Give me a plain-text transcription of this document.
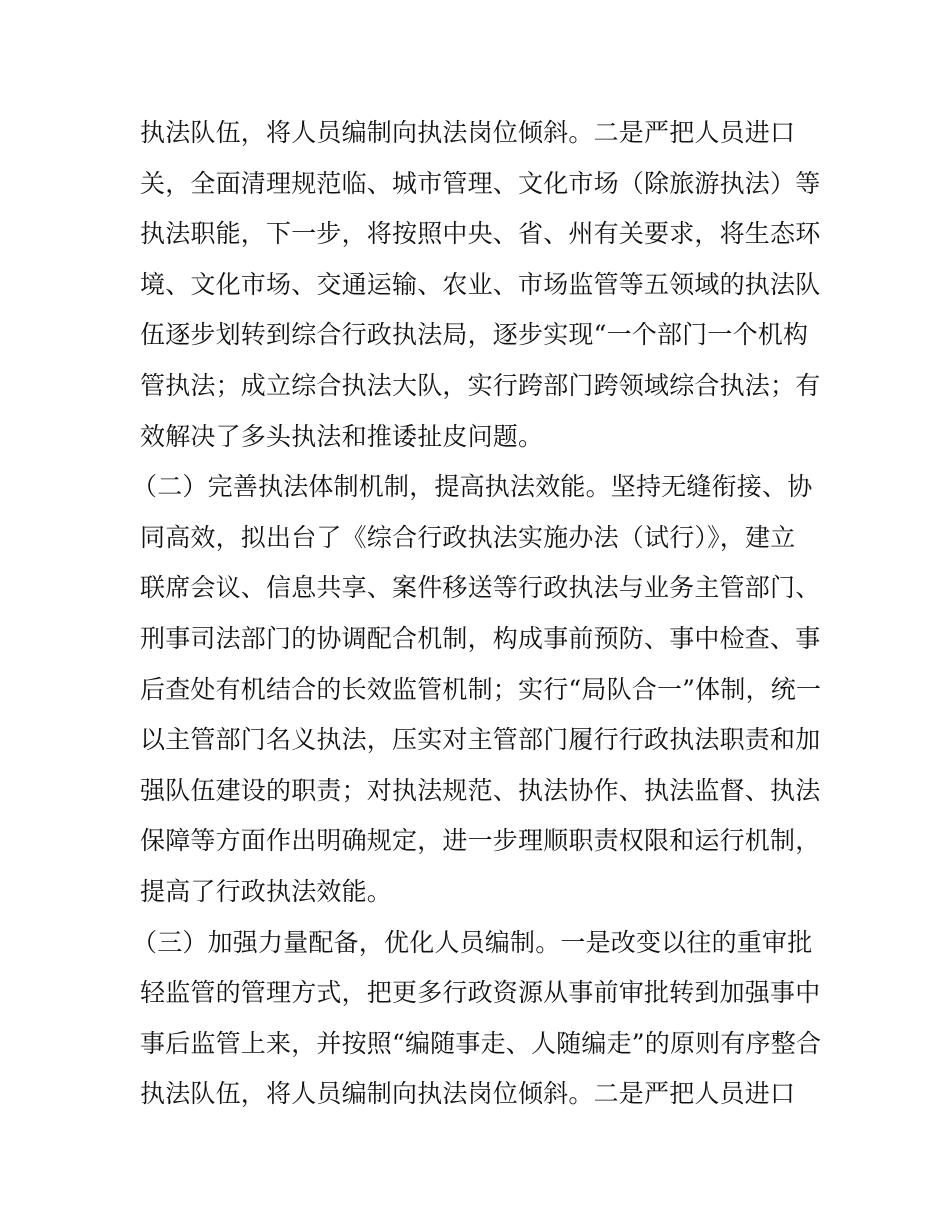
执法队伍，将人员编制向执法岗位倾斜。二是严把人员进口
关，全面清理规范临、城市管理、文化市场（除旅游执法）等
执法职能，下一步，将按照中央、省、州有关要求，将生态环
境、文化市场、交通运输、农业、市场监管等五领域的执法队
伍逐步划转到综合行政执法局，逐步实现“一个部门一个机构
管执法；成立综合执法大队，实行跨部门跨领域综合执法；有
效解决了多头执法和推诿扯皮问题。
（二）完善执法体制机制，提高执法效能。坚持无缝衔接、协
同高效，拟出台了《综合行政执法实施办法（试行）》，建立
联席会议、信息共享、案件移送等行政执法与业务主管部门、
刑事司法部门的协调配合机制，构成事前预防、事中检查、事
后查处有机结合的长效监管机制；实行“局队合一”体制，统一
以主管部门名义执法，压实对主管部门履行行政执法职责和加
强队伍建设的职责；对执法规范、执法协作、执法监督、执法
保障等方面作出明确规定，进一步理顺职责权限和运行机制，
提高了行政执法效能。
（三）加强力量配备，优化人员编制。一是改变以往的重审批
轻监管的管理方式，把更多行政资源从事前审批转到加强事中
事后监管上来，并按照“编随事走、人随编走”的原则有序整合
执法队伍，将人员编制向执法岗位倾斜。二是严把人员进口
